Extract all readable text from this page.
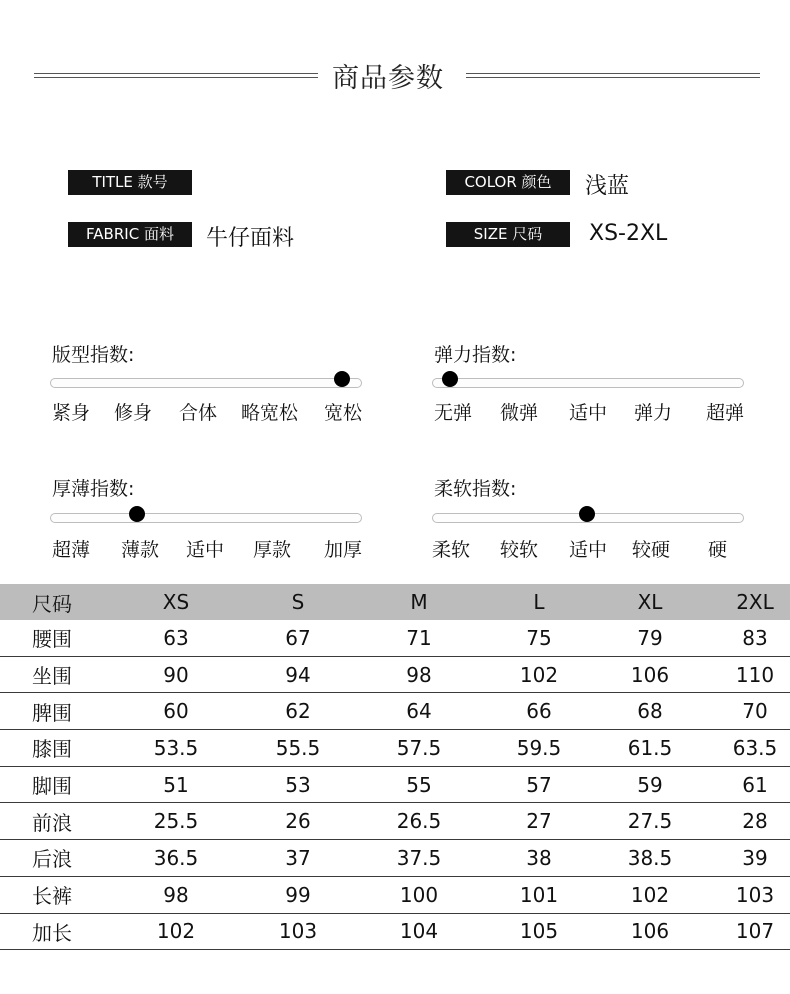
商品参数
TITLE 款号
FABRIC 面料	牛仔面料
COLOR 颜色	浅蓝
SIZE 尺码	XS-2XL
版型指数:
紧身 修身 合体 略宽松 宽松
弹力指数:
无弹 微弹 适中 弹力 超弹
厚薄指数:
超薄 薄款 适中 厚款 加厚
柔软指数:
柔软 较软 适中 较硬 硬
尺码	XS	S	M	L	XL	2XL
腰围	63	67	71	75	79	83
坐围	90	94	98	102	106	110
脾围	60	62	64	66	68	70
膝围	53.5	55.5	57.5	59.5	61.5	63.5
脚围	51	53	55	57	59	61
前浪	25.5	26	26.5	27	27.5	28
后浪	36.5	37	37.5	38	38.5	39
长裤	98	99	100	101	102	103
加长	102	103	104	105	106	107
